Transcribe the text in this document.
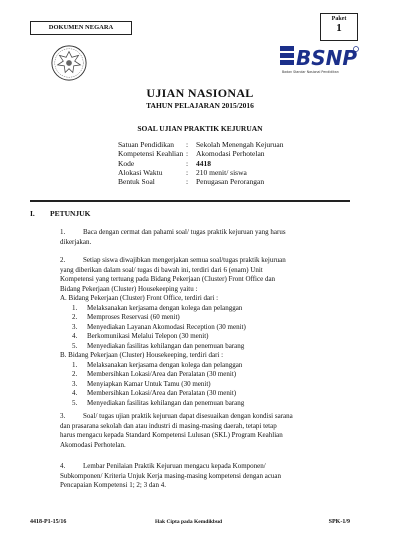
DOKUMEN NEGARA
Paket
1
BSNP
Badan Standar Nasional Pendidikan
UJIAN NASIONAL
TAHUN PELAJARAN 2015/2016
SOAL UJIAN PRAKTIK KEJURUAN
Satuan Pendidikan	:	Sekolah Menengah Kejuruan
Kompetensi Keahlian :	Akomodasi Perhotelan
Kode	:	4418
Alokasi Waktu	:	210 menit/ siswa
Bentuk Soal	:	Penugasan Perorangan
I.	PETUNJUK
1.	Baca dengan cermat dan pahami soal/ tugas praktik kejuruan yang harus
dikerjakan.
2.	Setiap siswa diwajibkan mengerjakan semua soal/tugas praktik kejuruan
yang diberikan dalam soal/ tugas di bawah ini, terdiri dari 6 (enam) Unit
Kompetensi yang tertuang pada Bidang Pekerjaan (Cluster) Front Office dan
Bidang Pekerjaan (Cluster) Housekeeping yaitu :
A. Bidang Pekerjaan (Cluster) Front Office, terdiri dari :
1.	Melaksanakan kerjasama dengan kolega dan pelanggan
2.	Memproses Reservasi (60 menit)
3.	Menyediakan Layanan Akomodasi Reception (30 menit)
4.	Berkomunikasi Melalui Telepon (30 menit)
5.	Menyediakan fasilitas kehilangan dan penemuan barang
B. Bidang Pekerjaan (Cluster) Housekeeping, terdiri dari :
1.	Melaksanakan kerjasama dengan kolega dan pelanggan
2.	Membersihkan Lokasi/Area dan Peralatan (30 menit)
3.	Menyiapkan Kamar Untuk Tamu (30 menit)
4.	Membersihkan Lokasi/Area dan Peralatan (30 menit)
5.	Menyediakan fasilitas kehilangan dan penemuan barang
3.	Soal/ tugas ujian praktik kejuruan dapat disesuaikan dengan kondisi sarana
dan prasarana sekolah dan atau industri di masing-masing daerah, tetapi tetap
harus mengacu kepada Standard Kompetensi Lulusan (SKL) Program Keahlian
Akomodasi Perhotelan.
4.	Lembar Penilaian Praktik Kejuruan mengacu kepada Komponen/
Subkomponen/ Kriteria Unjuk Kerja masing-masing kompetensi dengan acuan
Pencapaian Kompetensi 1; 2; 3 dan 4.
4418-P1-15/16	Hak Cipta pada Kemdikbud	SPK-1/9
